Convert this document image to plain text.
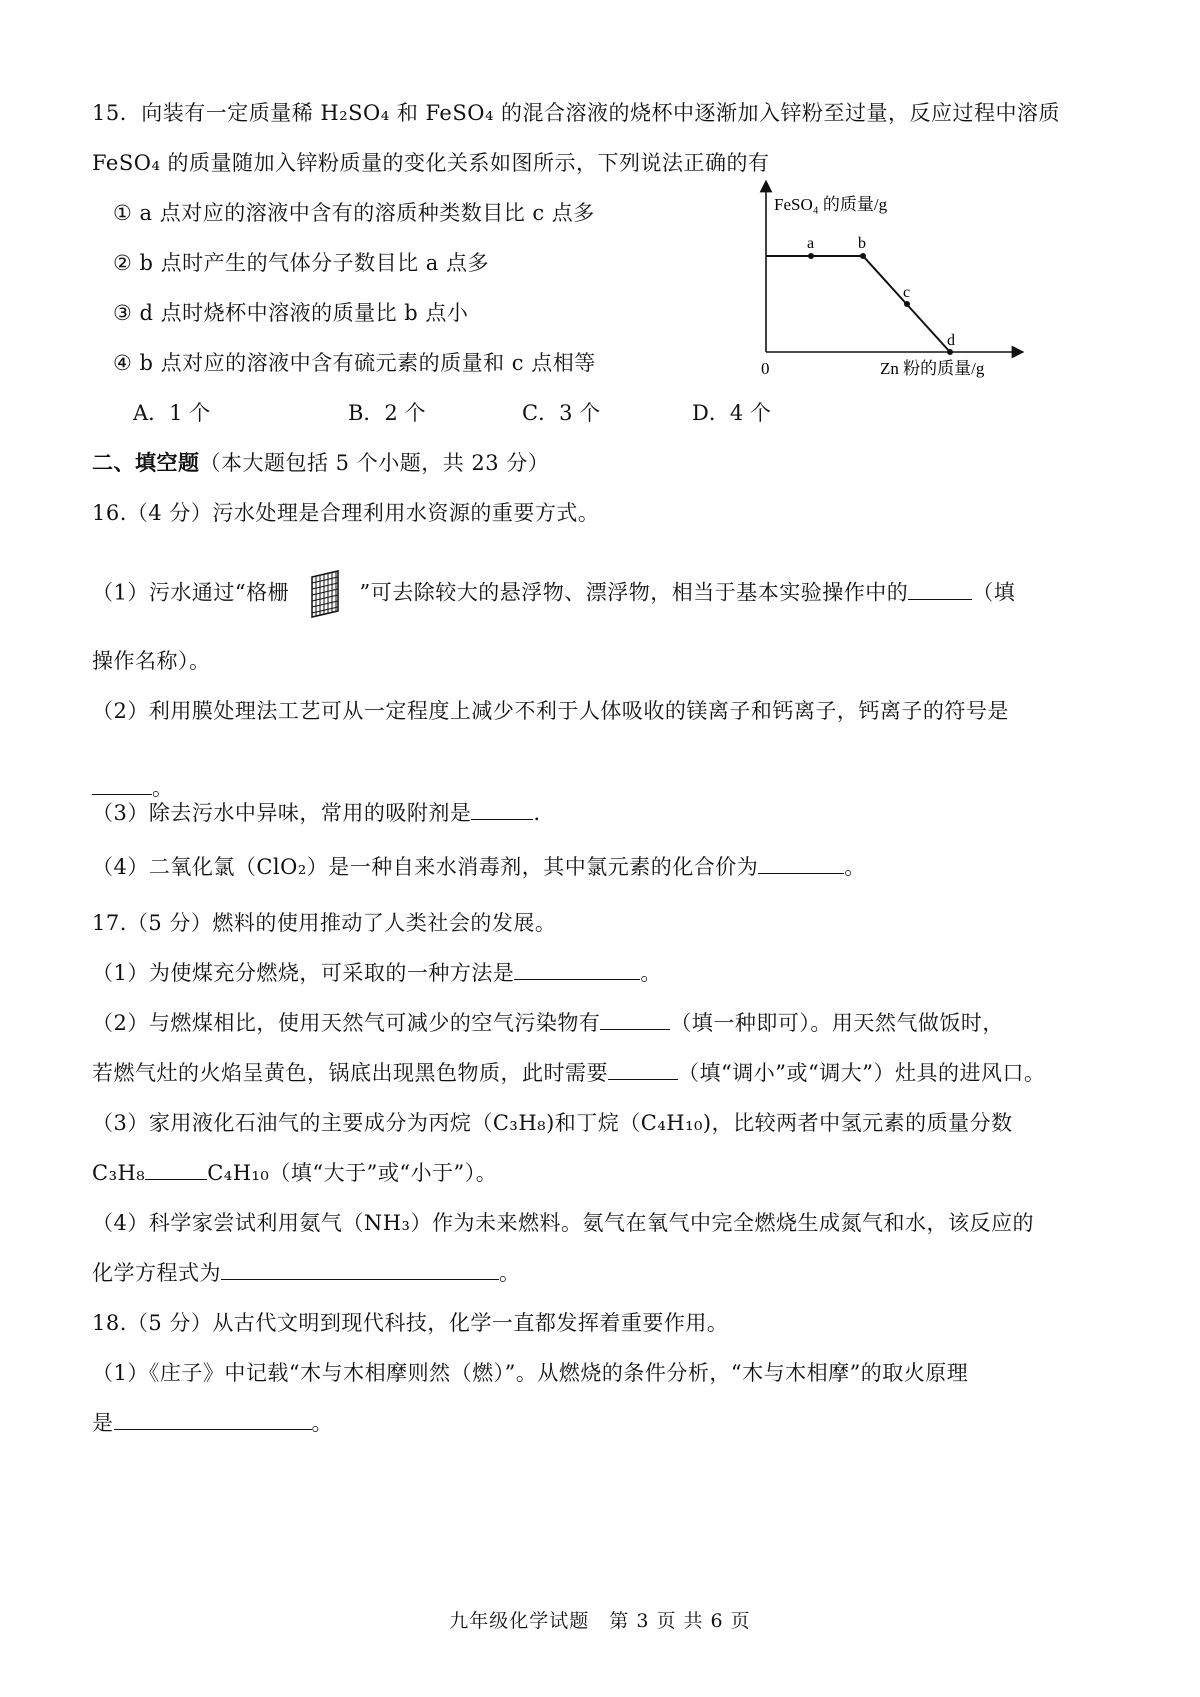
15．向装有一定质量稀 H₂SO₄ 和 FeSO₄ 的混合溶液的烧杯中逐渐加入锌粉至过量，反应过程中溶质
FeSO₄ 的质量随加入锌粉质量的变化关系如图所示，下列说法正确的有
① a 点对应的溶液中含有的溶质种类数目比 c 点多
② b 点时产生的气体分子数目比 a 点多
③ d 点时烧杯中溶液的质量比 b 点小
④ b 点对应的溶液中含有硫元素的质量和 c 点相等
A．1 个	B．2 个	C．3 个	D．4 个
a	b
c
d
FeSO₄ 的质量/g
Zn 粉的质量/g
0
二、填空题（本大题包括 5 个小题，共 23 分）
16.（4 分）污水处理是合理利用水资源的重要方式。
（1）污水通过“格栅	”可去除较大的悬浮物、漂浮物，相当于基本实验操作中的	（填
操作名称）。
（2）利用膜处理法工艺可从一定程度上减少不利于人体吸收的镁离子和钙离子，钙离子的符号是
。
（3）除去污水中异味，常用的吸附剂是	.
（4）二氧化氯（ClO₂）是一种自来水消毒剂，其中氯元素的化合价为	。
17.（5 分）燃料的使用推动了人类社会的发展。
（1）为使煤充分燃烧，可采取的一种方法是	。
（2）与燃煤相比，使用天然气可减少的空气污染物有	（填一种即可）。用天然气做饭时，
若燃气灶的火焰呈黄色，锅底出现黑色物质，此时需要	（填“调小”或“调大”）灶具的进风口。
（3）家用液化石油气的主要成分为丙烷（C₃H₈)和丁烷（C₄H₁₀)，比较两者中氢元素的质量分数
C₃H₈	C₄H₁₀（填“大于”或“小于”）。
（4）科学家尝试利用氨气（NH₃）作为未来燃料。氨气在氧气中完全燃烧生成氮气和水，该反应的
化学方程式为	。
18.（5 分）从古代文明到现代科技，化学一直都发挥着重要作用。
（1）《庄子》中记载“木与木相摩则然（燃）”。从燃烧的条件分析，“木与木相摩”的取火原理
是	。
九年级化学试题　第 3 页 共 6 页
